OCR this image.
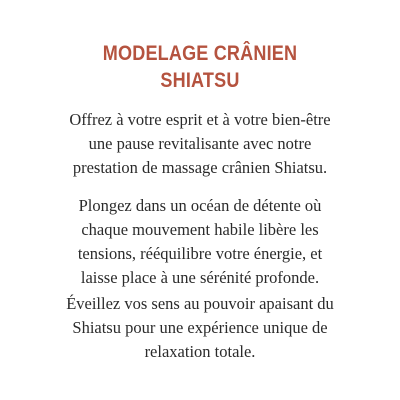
MODELAGE CRÂNIEN
SHIATSU

Offrez à votre esprit et à votre bien-être
une pause revitalisante avec notre
prestation de massage crânien Shiatsu.

Plongez dans un océan de détente où
chaque mouvement habile libère les
tensions, rééquilibre votre énergie, et
laisse place à une sérénité profonde.

Éveillez vos sens au pouvoir apaisant du
Shiatsu pour une expérience unique de
relaxation totale.
